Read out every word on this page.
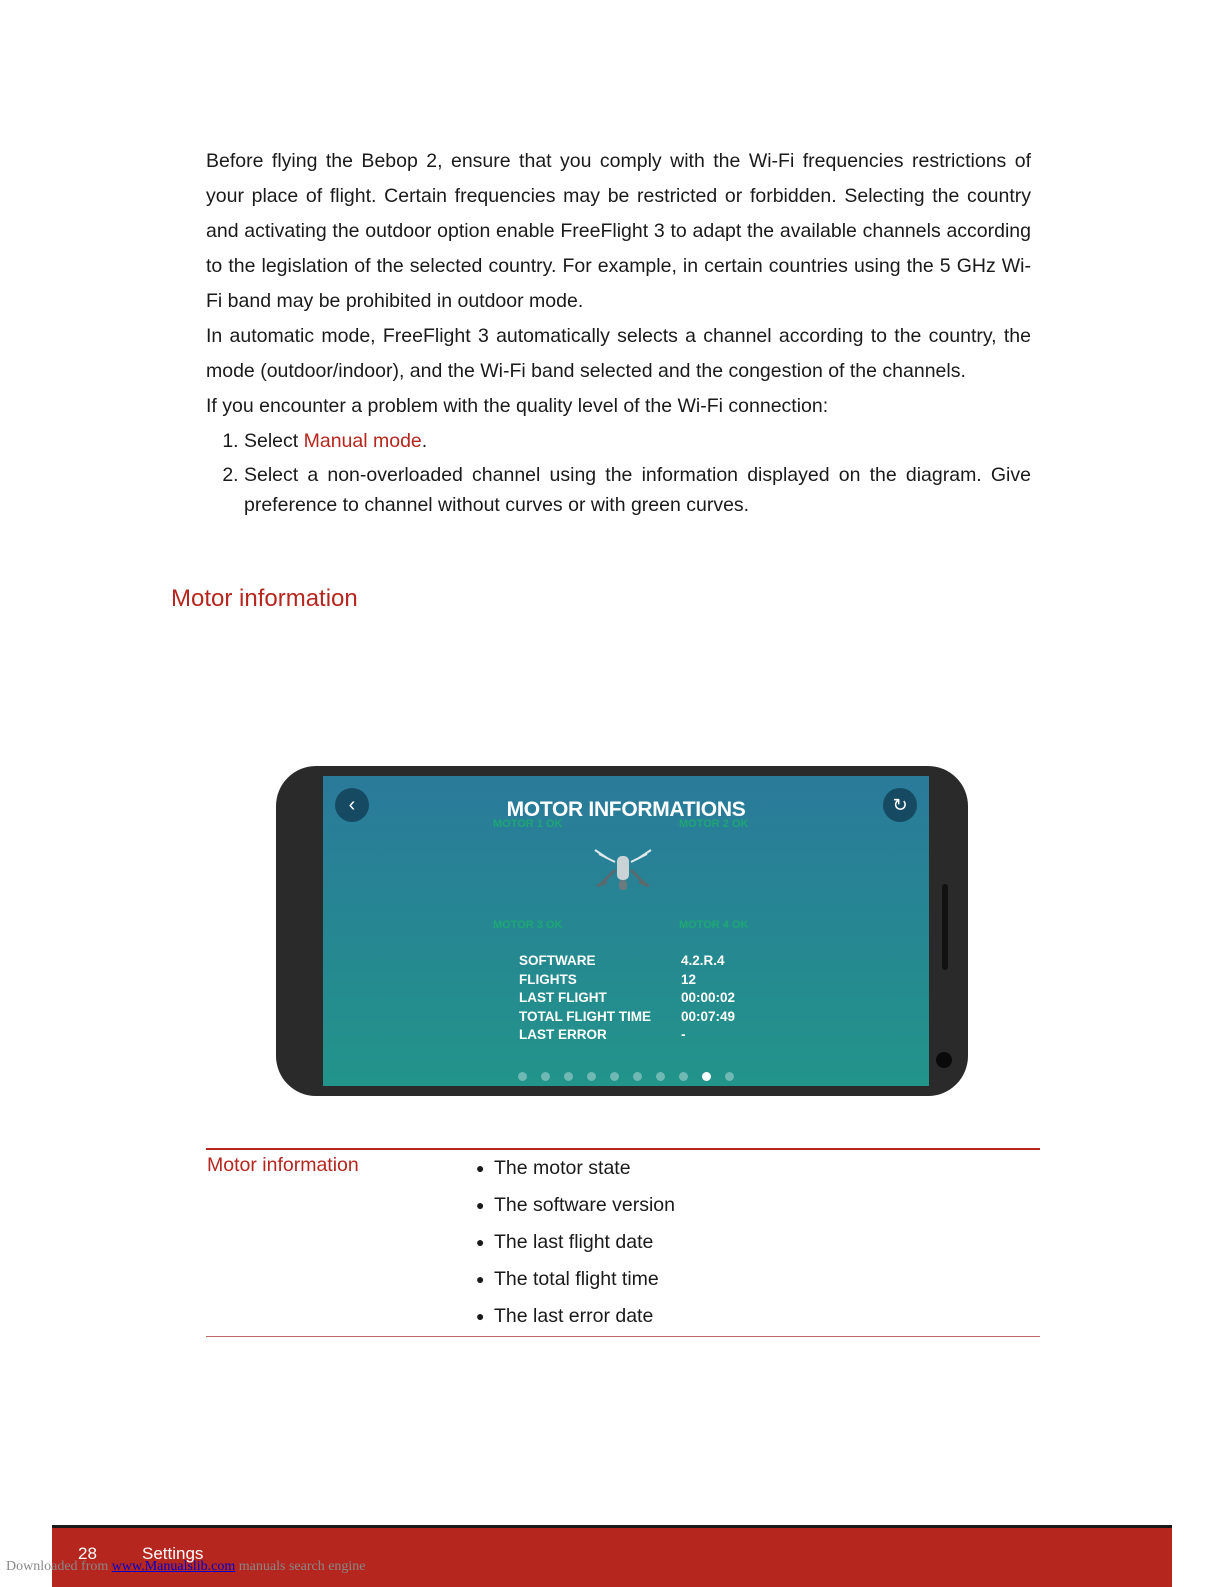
Before flying the Bebop 2, ensure that you comply with the Wi-Fi frequencies restrictions of your place of flight. Certain frequencies may be restricted or forbidden. Selecting the country and activating the outdoor option enable FreeFlight 3 to adapt the available channels according to the legislation of the selected country. For example, in certain countries using the 5 GHz Wi-Fi band may be prohibited in outdoor mode.

In automatic mode, FreeFlight 3 automatically selects a channel according to the country, the mode (outdoor/indoor), and the Wi-Fi band selected and the congestion of the channels.

If you encounter a problem with the quality level of the Wi-Fi connection:

1. Select Manual mode.
2. Select a non-overloaded channel using the information displayed on the diagram. Give preference to channel without curves or with green curves.
Motor information
‹	↻
MOTOR INFORMATIONS
MOTOR 1 OK	MOTOR 2 OK
MOTOR 3 OK	MOTOR 4 OK
SOFTWARE	4.2.R.4
FLIGHTS	12
LAST FLIGHT	00:00:02
TOTAL FLIGHT TIME	00:07:49
LAST ERROR	-
Motor information	● The motor state
● The software version
● The last flight date
● The total flight time
● The last error date
28	Settings
Downloaded from www.Manualslib.com manuals search engine
